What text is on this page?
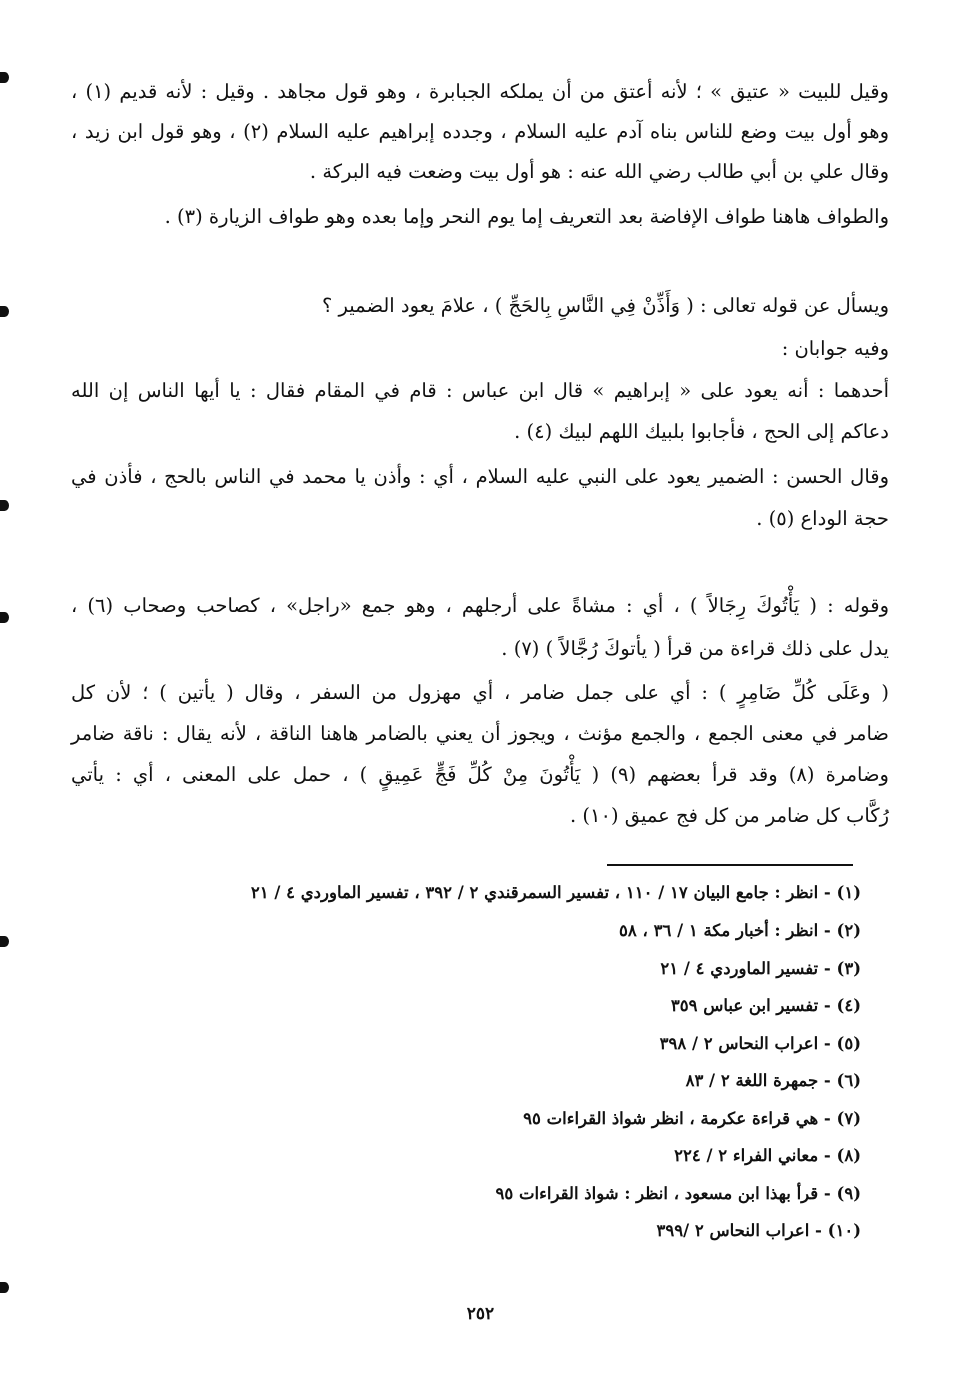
وقيل للبيت « عتيق » ؛ لأنه أعتق من أن يملكه الجبابرة ، وهو قول مجاهد . وقيل : لأنه قديم (١) ،
وهو أول بيت وضع للناس بناه آدم عليه السلام ، وجدده إبراهيم عليه السلام (٢) ، وهو قول ابن زيد ،
وقال علي بن أبي طالب رضي الله عنه : هو أول بيت وضعت فيه البركة .
والطواف هاهنا طواف الإفاضة بعد التعريف إما يوم النحر وإما بعده وهو طواف الزيارة (٣) .
ويسأل عن قوله تعالى : ( وَأَذِّنْ فِي النَّاسِ بِالحَجِّ ) ، علامَ يعود الضمير ؟
وفيه جوابان :
أحدهما : أنه يعود على « إبراهيم » قال ابن عباس : قام في المقام فقال : يا أيها الناس إن الله
دعاكم إلى الحج ، فأجابوا بلبيك اللهم لبيك (٤) .
وقال الحسن : الضمير يعود على النبي عليه السلام ، أي : وأذن يا محمد في الناس بالحج ، فأذن في
حجة الوداع (٥) .
وقوله : ( يَأْتُوكَ رِجَالاً ) ، أي : مشاةً على أرجلهم ، وهو جمع «راجل» ، كصاحب وصحاب (٦) ،
يدل على ذلك قراءة من قرأ ( يأتوكَ رُجَّالاً ) (٧) .
( وعَلَى كُلِّ ضَامِرٍ ) : أي على جمل ضامر ، أي مهزول من السفر ، وقال ( يأتين ) ؛ لأن كل
ضامر في معنى الجمع ، والجمع مؤنث ، ويجوز أن يعني بالضامر هاهنا الناقة ، لأنه يقال : ناقة ضامر
وضامرة (٨) وقد قرأ بعضهم (٩) ( يَأْتُونَ مِنْ كُلِّ فَجٍّ عَمِيقٍ ) ، حمل على المعنى ، أي : يأتي
رُكَّاب كل ضامر من كل فج عميق (١٠) .
(١) - انظر : جامع البيان ١٧ / ١١٠ ، تفسير السمرقندي ٢ / ٣٩٢ ، تفسير الماوردي ٤ / ٢١
(٢) - انظر : أخبار مكة ١ / ٣٦ ، ٥٨
(٣) - تفسير الماوردي ٤ / ٢١
(٤) - تفسير ابن عباس ٣٥٩
(٥) - اعراب النحاس ٢ / ٣٩٨
(٦) - جمهرة اللغة ٢ / ٨٣
(٧) - هي قراءة عكرمة ، انظر شواذ القراءات ٩٥
(٨) - معاني الفراء ٢ / ٢٢٤
(٩) - قرأ بهذا ابن مسعود ، انظر : شواذ القراءات ٩٥
(١٠) - اعراب النحاس ٢ /٣٩٩
٢٥٢
